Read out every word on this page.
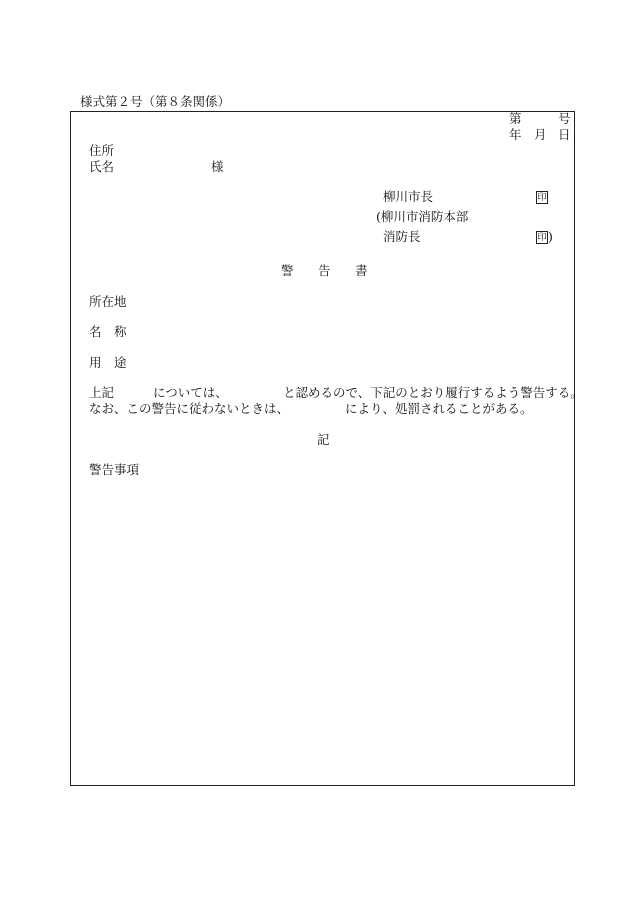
様式第２号（第８条関係）
第	号
年 月 日
住所
氏名	様
柳川市長	印
(柳川市消防本部
消防長	印 )
警 告 書
所在地
名 称
用 途
上記	については、	と認めるので、下記のとおり履行するよう警告する。
なお、この警告に従わないときは、	により、処罰されることがある。
記
警告事項
